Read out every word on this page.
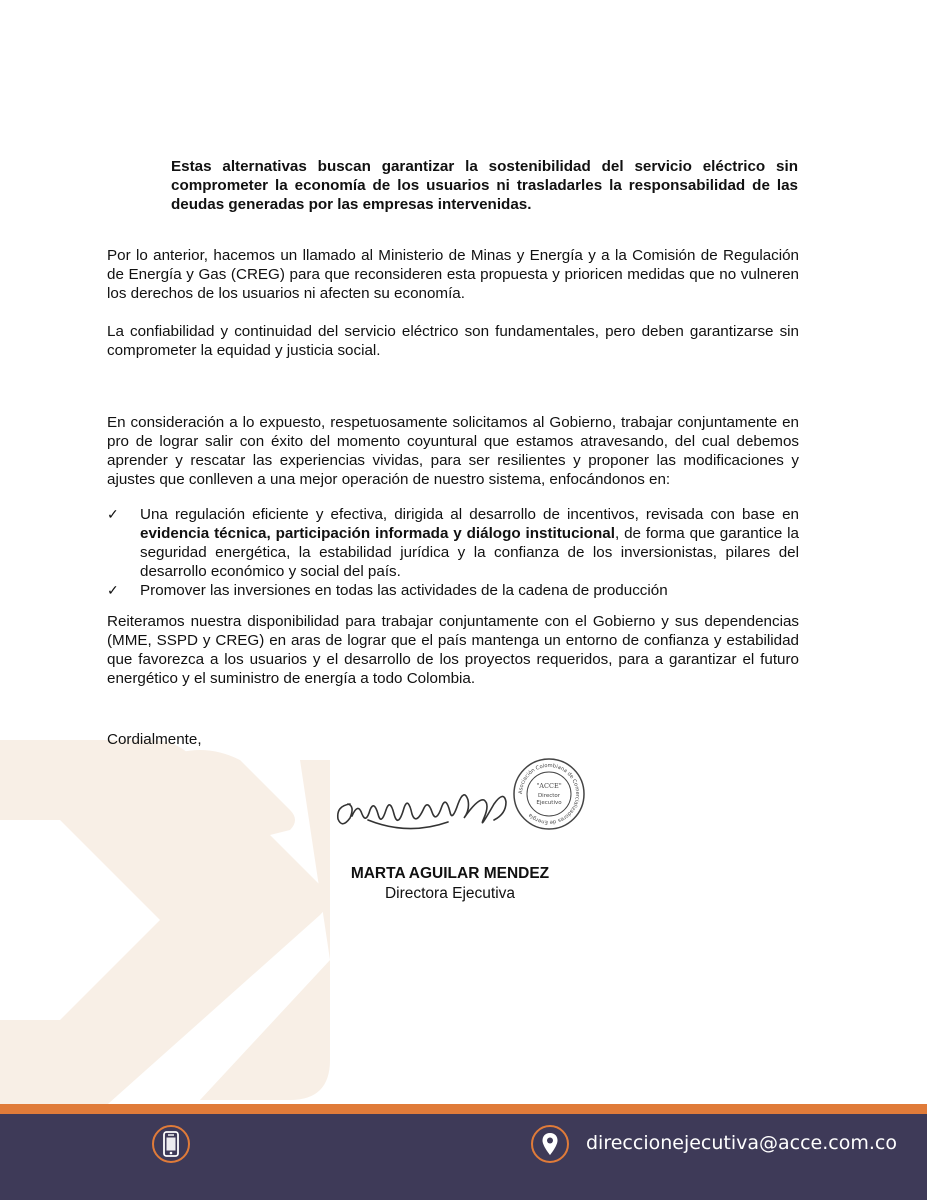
Estas alternativas buscan garantizar la sostenibilidad del servicio eléctrico sin comprometer la economía de los usuarios ni trasladarles la responsabilidad de las deudas generadas por las empresas intervenidas.

Por lo anterior, hacemos un llamado al Ministerio de Minas y Energía y a la Comisión de Regulación de Energía y Gas (CREG) para que reconsideren esta propuesta y prioricen medidas que no vulneren los derechos de los usuarios ni afecten su economía.

La confiabilidad y continuidad del servicio eléctrico son fundamentales, pero deben garantizarse sin comprometer la equidad y justicia social.

En consideración a lo expuesto, respetuosamente solicitamos al Gobierno, trabajar conjuntamente en pro de lograr salir con éxito del momento coyuntural que estamos atravesando, del cual debemos aprender y rescatar las experiencias vividas, para ser resilientes y proponer las modificaciones y ajustes que conlleven a una mejor operación de nuestro sistema, enfocándonos en:

✓ Una regulación eficiente y efectiva, dirigida al desarrollo de incentivos, revisada con base en evidencia técnica, participación informada y diálogo institucional, de forma que garantice la seguridad energética, la estabilidad jurídica y la confianza de los inversionistas, pilares del desarrollo económico y social del país.
✓ Promover las inversiones en todas las actividades de la cadena de producción

Reiteramos nuestra disponibilidad para trabajar conjuntamente con el Gobierno y sus dependencias (MME, SSPD y CREG) en aras de lograr que el país mantenga un entorno de confianza y estabilidad que favorezca a los usuarios y el desarrollo de los proyectos requeridos, para a garantizar el futuro energético y el suministro de energía a todo Colombia.

Cordialmente,
Asociación Colombiana de Comercializadores de Energía
"ACCE"
Director
Ejecutivo
MARTA AGUILAR MENDEZ
Directora Ejecutiva
direccionejecutiva@acce.com.co
